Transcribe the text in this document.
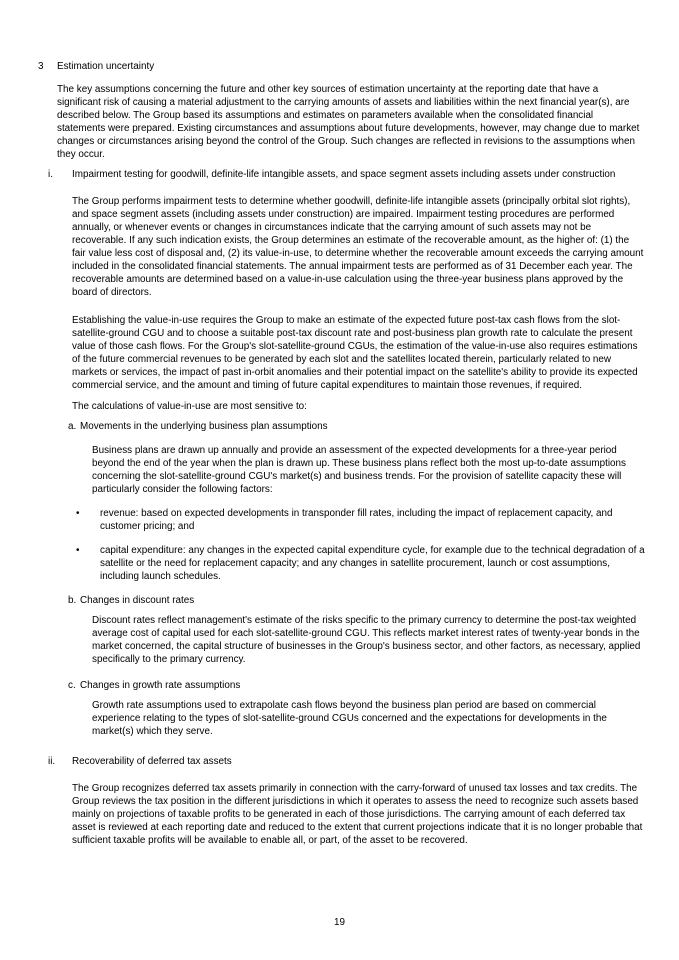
3	Estimation uncertainty

The key assumptions concerning the future and other key sources of estimation uncertainty at the reporting date that have a significant risk of causing a material adjustment to the carrying amounts of assets and liabilities within the next financial year(s), are described below. The Group based its assumptions and estimates on parameters available when the consolidated financial statements were prepared. Existing circumstances and assumptions about future developments, however, may change due to market changes or circumstances arising beyond the control of the Group. Such changes are reflected in revisions to the assumptions when they occur.

i.	Impairment testing for goodwill, definite-life intangible assets, and space segment assets including assets under construction

The Group performs impairment tests to determine whether goodwill, definite-life intangible assets (principally orbital slot rights), and space segment assets (including assets under construction) are impaired. Impairment testing procedures are performed annually, or whenever events or changes in circumstances indicate that the carrying amount of such assets may not be recoverable. If any such indication exists, the Group determines an estimate of the recoverable amount, as the higher of: (1) the fair value less cost of disposal and, (2) its value-in-use, to determine whether the recoverable amount exceeds the carrying amount included in the consolidated financial statements. The annual impairment tests are performed as of 31 December each year. The recoverable amounts are determined based on a value-in-use calculation using the three-year business plans approved by the board of directors.

Establishing the value-in-use requires the Group to make an estimate of the expected future post-tax cash flows from the slot-satellite-ground CGU and to choose a suitable post-tax discount rate and post-business plan growth rate to calculate the present value of those cash flows. For the Group's slot-satellite-ground CGUs, the estimation of the value-in-use also requires estimations of the future commercial revenues to be generated by each slot and the satellites located therein, particularly related to new markets or services, the impact of past in-orbit anomalies and their potential impact on the satellite's ability to provide its expected commercial service, and the amount and timing of future capital expenditures to maintain those revenues, if required.

The calculations of value-in-use are most sensitive to:

a. Movements in the underlying business plan assumptions

Business plans are drawn up annually and provide an assessment of the expected developments for a three-year period beyond the end of the year when the plan is drawn up. These business plans reflect both the most up-to-date assumptions concerning the slot-satellite-ground CGU's market(s) and business trends. For the provision of satellite capacity these will particularly consider the following factors:

•	revenue: based on expected developments in transponder fill rates, including the impact of replacement capacity, and customer pricing; and
•	capital expenditure: any changes in the expected capital expenditure cycle, for example due to the technical degradation of a satellite or the need for replacement capacity; and any changes in satellite procurement, launch or cost assumptions, including launch schedules.
b. Changes in discount rates

Discount rates reflect management's estimate of the risks specific to the primary currency to determine the post-tax weighted average cost of capital used for each slot-satellite-ground CGU. This reflects market interest rates of twenty-year bonds in the market concerned, the capital structure of businesses in the Group's business sector, and other factors, as necessary, applied specifically to the primary currency.

c. Changes in growth rate assumptions

Growth rate assumptions used to extrapolate cash flows beyond the business plan period are based on commercial experience relating to the types of slot-satellite-ground CGUs concerned and the expectations for developments in the market(s) which they serve.

ii.	Recoverability of deferred tax assets

The Group recognizes deferred tax assets primarily in connection with the carry-forward of unused tax losses and tax credits. The Group reviews the tax position in the different jurisdictions in which it operates to assess the need to recognize such assets based mainly on projections of taxable profits to be generated in each of those jurisdictions. The carrying amount of each deferred tax asset is reviewed at each reporting date and reduced to the extent that current projections indicate that it is no longer probable that sufficient taxable profits will be available to enable all, or part, of the asset to be recovered.

19
